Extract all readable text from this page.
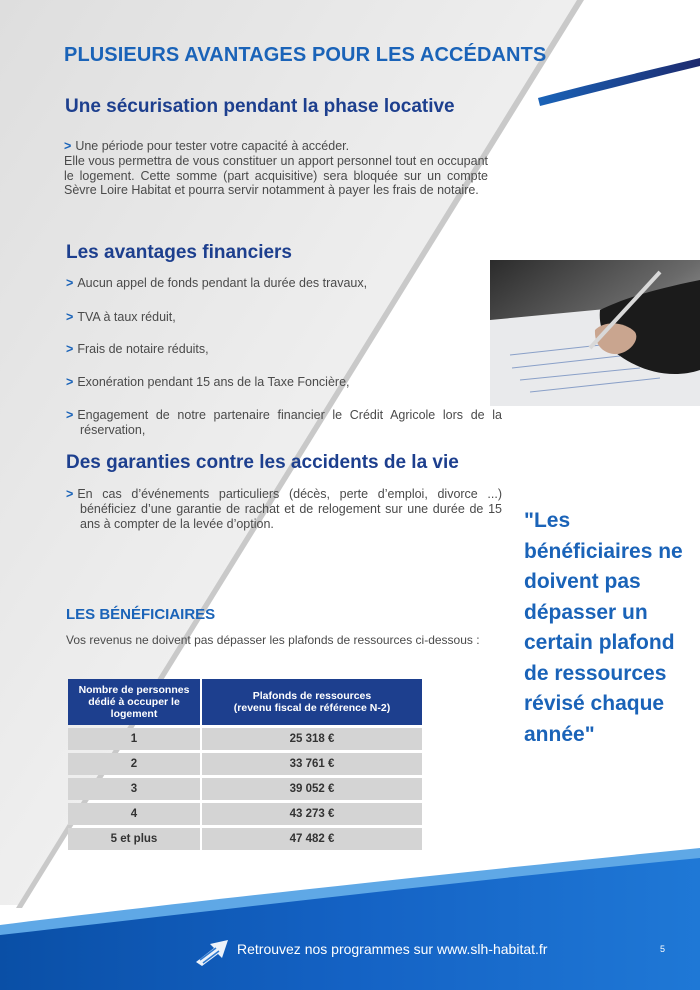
PLUSIEURS AVANTAGES POUR LES ACCÉDANTS
Une sécurisation pendant la phase locative
> Une période pour tester votre capacité à accéder.
Elle vous permettra de vous constituer un apport personnel tout en occupant le logement. Cette somme (part acquisitive) sera bloquée sur un compte Sèvre Loire Habitat et pourra servir notamment à payer les frais de notaire.
Les avantages financiers
> Aucun appel de fonds pendant la durée des travaux,
> TVA à taux réduit,
> Frais de notaire réduits,
> Exonération pendant 15 ans de la Taxe Foncière,
> Engagement de notre partenaire financier le Crédit Agricole lors de la réservation,
Des garanties contre les accidents de la vie
> En cas d’événements particuliers (décès, perte d’emploi, divorce ...) bénéficiez d’une garantie de rachat et de relogement sur une durée de 15 ans à compter de la levée d’option.
LES BÉNÉFICIAIRES
Vos revenus ne doivent pas dépasser les plafonds de ressources ci-dessous :
Nombre de personnes dédié à occuper le logement	Plafonds de ressources
(revenu fiscal de référence N-2)

1	25 318 €
2	33 761 €
3	39 052 €
4	43 273 €
5 et plus	47 482 €
"Les bénéficiaires ne doivent pas dépasser un certain plafond de ressources révisé chaque année"
Retrouvez nos programmes sur www.slh-habitat.fr	5
